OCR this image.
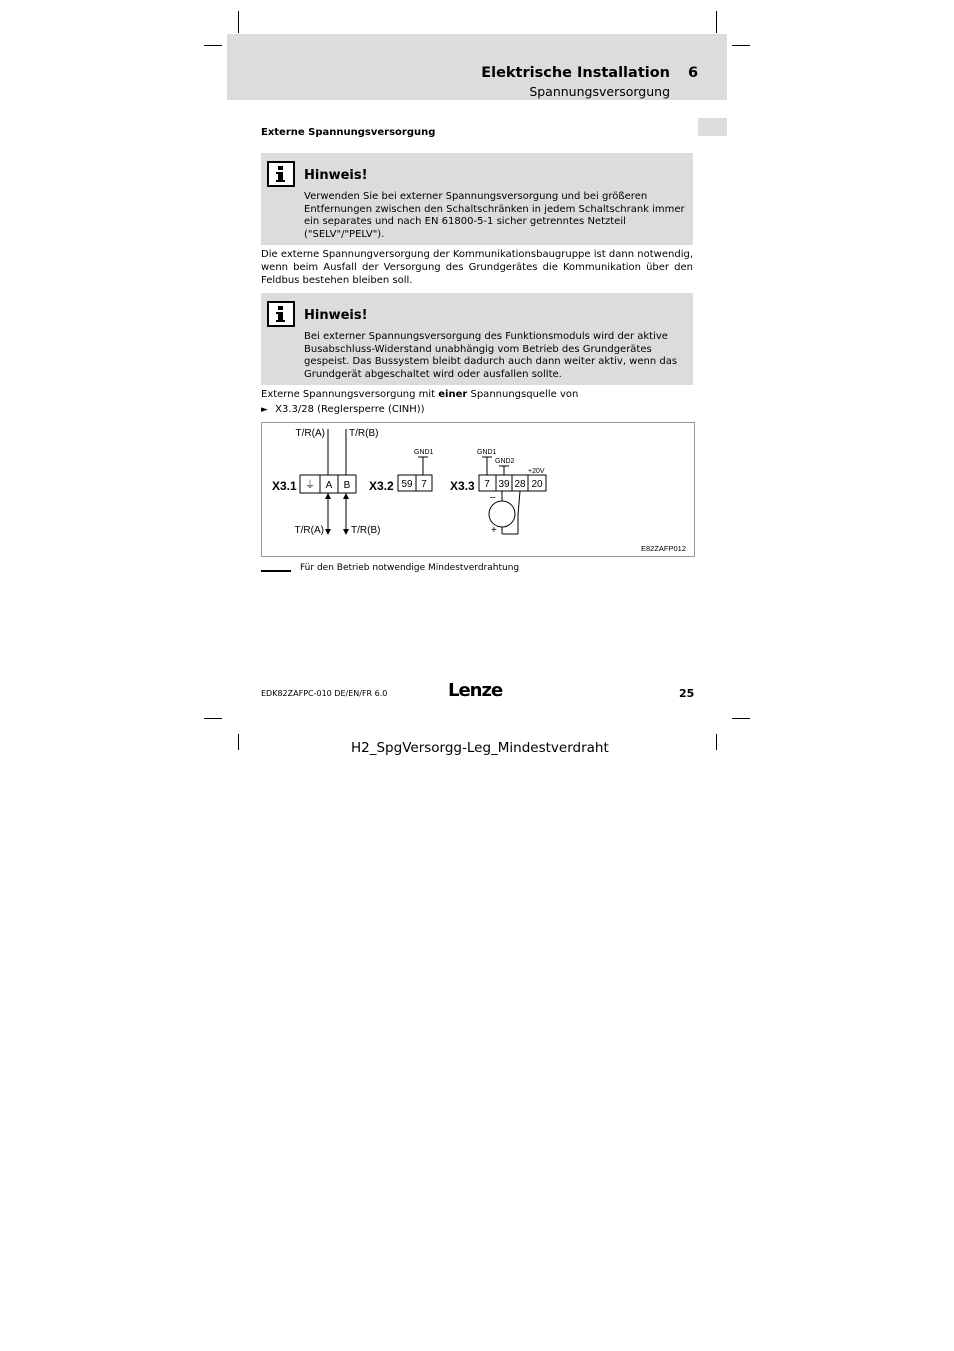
Elektrische Installation 6
Spannungsversorgung
Externe Spannungsversorgung
Hinweis!
Verwenden Sie bei externer Spannungsversorgung und bei größeren Entfernungen zwischen den Schaltschränken in jedem Schaltschrank immer ein separates und nach EN 61800-5-1 sicher getrenntes Netzteil ("SELV"/"PELV").
Die externe Spannungversorgung der Kommunikationsbaugruppe ist dann notwendig, wenn beim Ausfall der Versorgung des Grundgerätes die Kommunikation über den Feldbus bestehen bleiben soll.
Hinweis!
Bei externer Spannungsversorgung des Funktionsmoduls wird der aktive Busabschluss-Widerstand unabhängig vom Betrieb des Grundgerätes gespeist. Das Bussystem bleibt dadurch auch dann weiter aktiv, wenn das Grundgerät abgeschaltet wird oder ausfallen sollte.
Externe Spannungsversorgung mit einer Spannungsquelle von
► X3.3/28 (Reglersperre (CINH))
X3.1 ⏚ A B
T/R(A) T/R(B)
T/R(A)	T/R(B)
X3.2 59 7
GND1
X3.3 7 39 28 20
GND1
GND2
+20V
–
+
E82ZAFP012
Für den Betrieb notwendige Mindestverdrahtung
EDK82ZAFPC-010 DE/EN/FR 6.0	Lenze	25
H2_SpgVersorgg-Leg_Mindestverdraht
